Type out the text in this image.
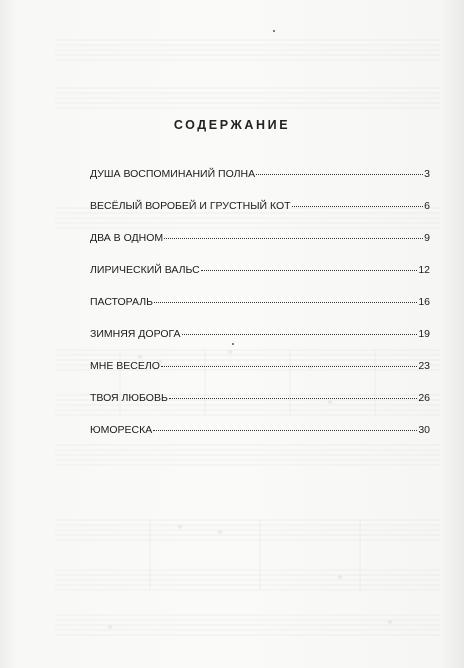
СОДЕРЖАНИЕ
ДУША ВОСПОМИНАНИЙ ПОЛНА	3
ВЕСЁЛЫЙ ВОРОБЕЙ И ГРУСТНЫЙ КОТ	6
ДВА В ОДНОМ	9
ЛИРИЧЕСКИЙ ВАЛЬС	12
ПАСТОРАЛЬ	16
ЗИМНЯЯ ДОРОГА	19
МНЕ ВЕСЕЛО	23
ТВОЯ ЛЮБОВЬ	26
ЮМОРЕСКА	30
